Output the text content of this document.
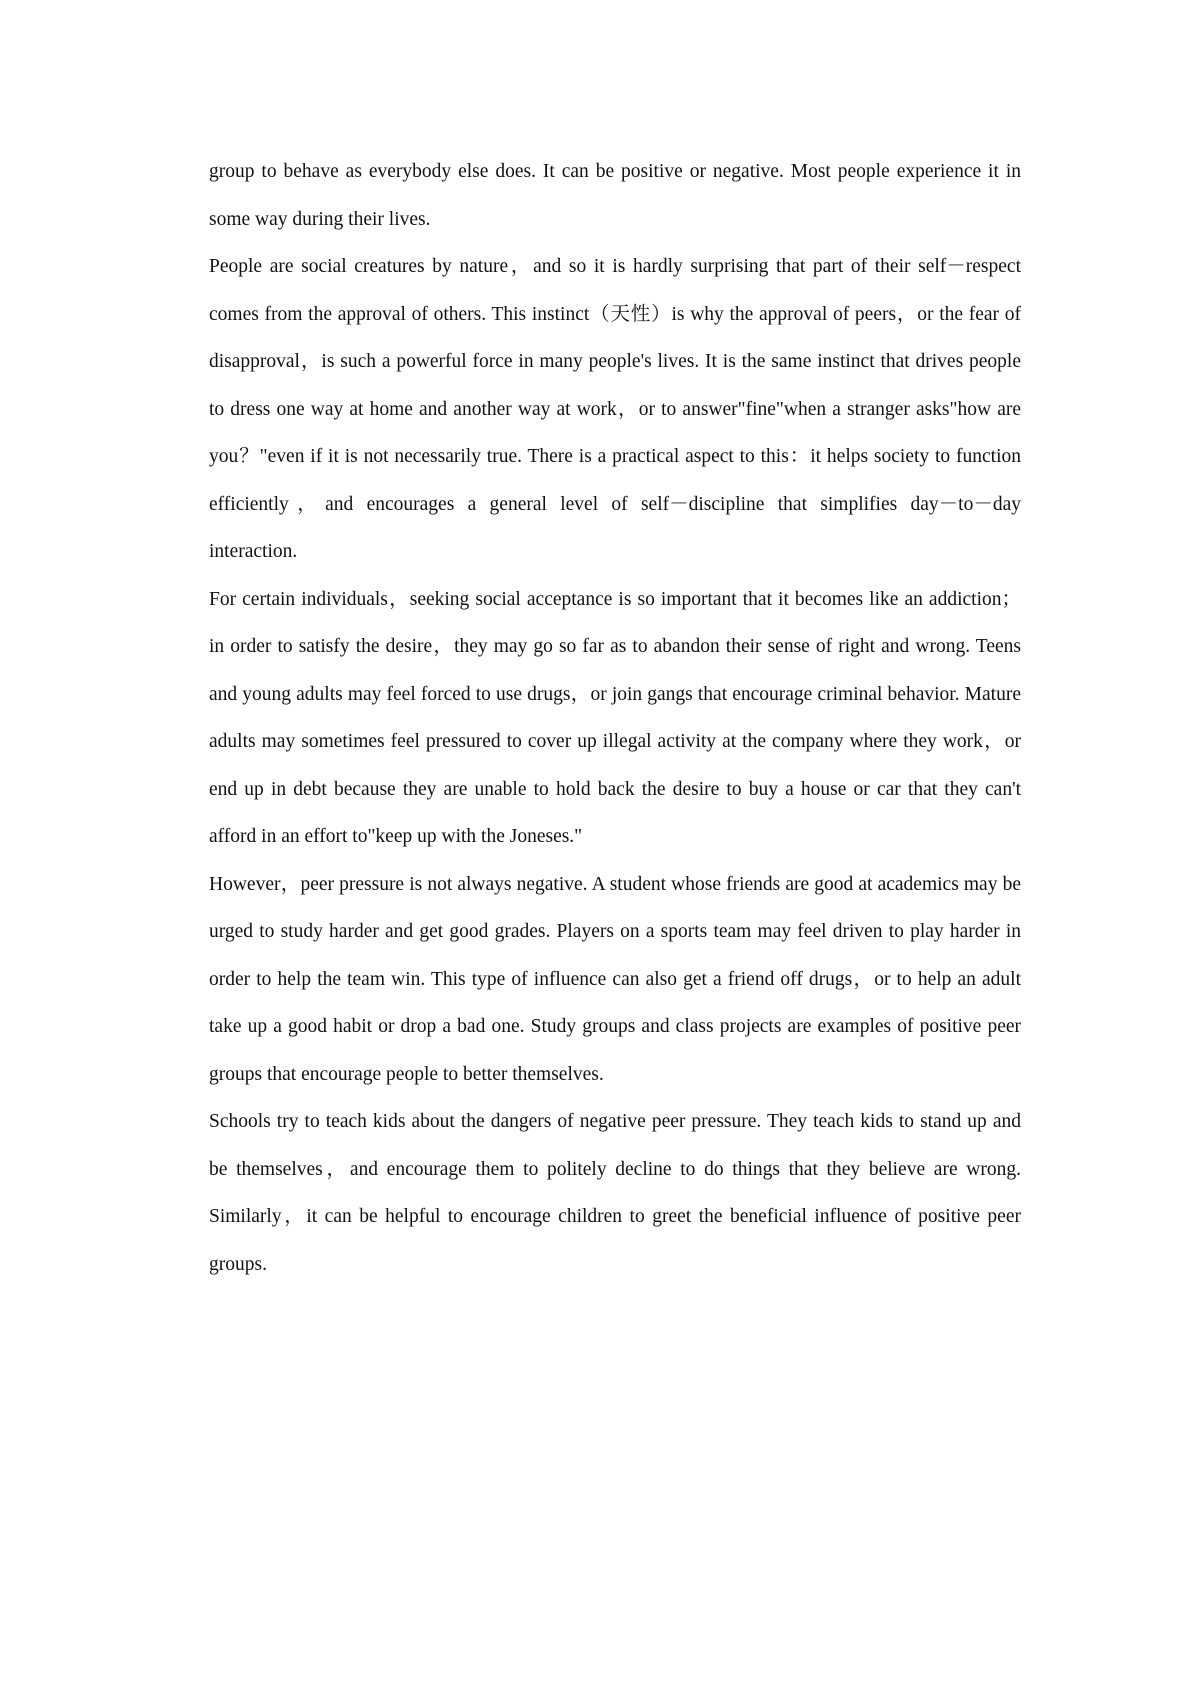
group to behave as everybody else does. It can be positive or negative. Most people experience it in some way during their lives.

People are social creatures by nature，and so it is hardly surprising that part of their self－respect comes from the approval of others. This instinct（天性）is why the approval of peers，or the fear of disapproval，is such a powerful force in many people's lives. It is the same instinct that drives people to dress one way at home and another way at work，or to answer"fine"when a stranger asks"how are you？"even if it is not necessarily true. There is a practical aspect to this：it helps society to function efficiently，and encourages a general level of self－discipline that simplifies day－to－day interaction.

For certain individuals，seeking social acceptance is so important that it becomes like an addiction； in order to satisfy the desire，they may go so far as to abandon their sense of right and wrong. Teens and young adults may feel forced to use drugs，or join gangs that encourage criminal behavior. Mature adults may sometimes feel pressured to cover up illegal activity at the company where they work，or end up in debt because they are unable to hold back the desire to buy a house or car that they can't afford in an effort to"keep up with the Joneses."

However，peer pressure is not always negative. A student whose friends are good at academics may be urged to study harder and get good grades. Players on a sports team may feel driven to play harder in order to help the team win. This type of influence can also get a friend off drugs，or to help an adult take up a good habit or drop a bad one. Study groups and class projects are examples of positive peer groups that encourage people to better themselves.

Schools try to teach kids about the dangers of negative peer pressure. They teach kids to stand up and be themselves，and encourage them to politely decline to do things that they believe are wrong. Similarly，it can be helpful to encourage children to greet the beneficial influence of positive peer groups.
